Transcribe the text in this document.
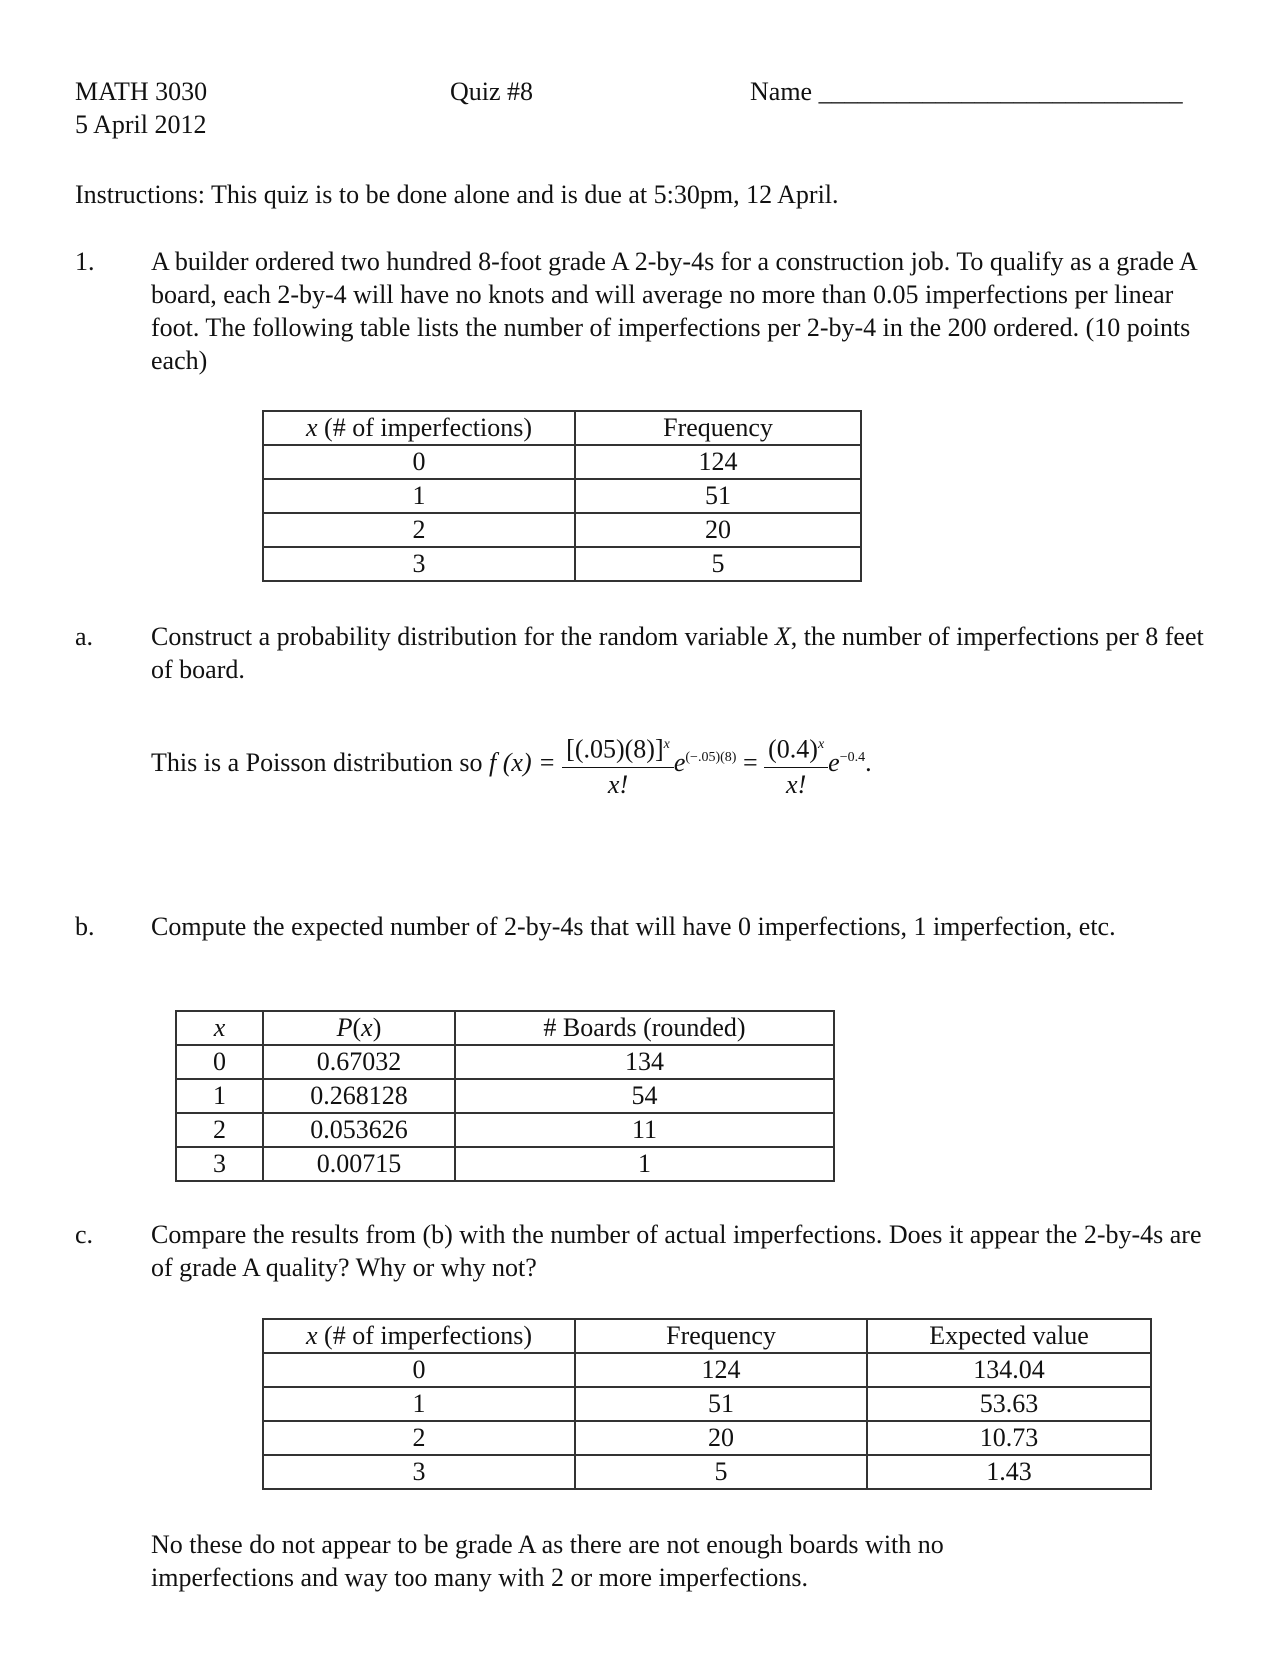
MATH 3030
5 April 2012
Quiz #8	Name ____________________________
Instructions: This quiz is to be done alone and is due at 5:30pm, 12 April.
1. A builder ordered two hundred 8-foot grade A 2-by-4s for a construction job. To qualify as a grade A board, each 2-by-4 will have no knots and will average no more than 0.05 imperfections per linear foot. The following table lists the number of imperfections per 2-by-4 in the 200 ordered. (10 points each)
x (# of imperfections)	Frequency
0	124
1	51
2	20
3	5
a. Construct a probability distribution for the random variable X, the number of imperfections per 8 feet of board.
This is a Poisson distribution so f $(x) = \frac{[(.05)(8)]^x}{x!} e^{(-.05)(8)} = \frac{(0.4)^x}{x!} e^{-0.4}$.
b. Compute the expected number of 2-by-4s that will have 0 imperfections, 1 imperfection, etc.
x	P(x)	# Boards (rounded)
0	0.67032	134
1	0.268128	54
2	0.053626	11
3	0.00715	1
c. Compare the results from (b) with the number of actual imperfections. Does it appear the 2-by-4s are of grade A quality? Why or why not?
x (# of imperfections)	Frequency	Expected value
0	124	134.04
1	51	53.63
2	20	10.73
3	5	1.43
No these do not appear to be grade A as there are not enough boards with no imperfections and way too many with 2 or more imperfections.
